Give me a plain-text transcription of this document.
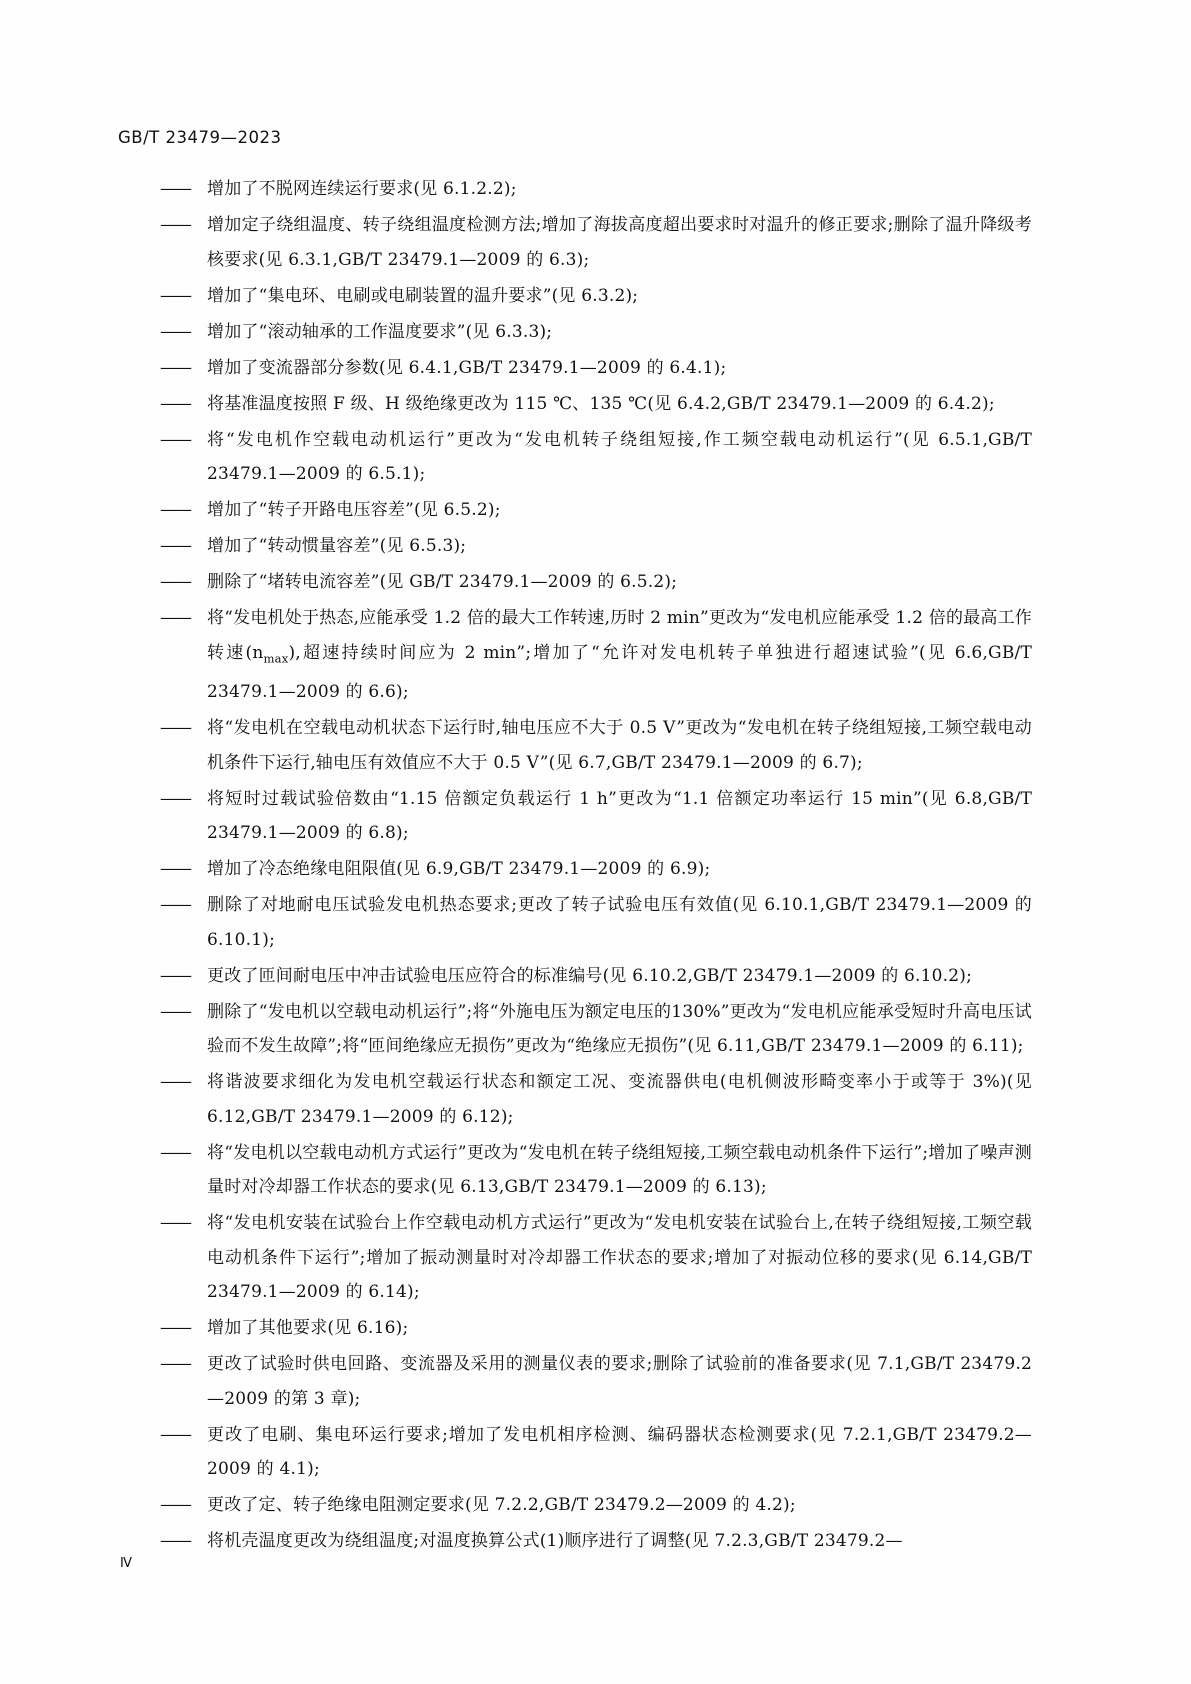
GB/T 23479—2023
——	增加了不脱网连续运行要求(见 6.1.2.2);
——	增加定子绕组温度、转子绕组温度检测方法;增加了海拔高度超出要求时对温升的修正要求;删除了温升降级考核要求(见 6.3.1,GB/T 23479.1—2009 的 6.3);
——	增加了“集电环、电刷或电刷装置的温升要求”(见 6.3.2);
——	增加了“滚动轴承的工作温度要求”(见 6.3.3);
——	增加了变流器部分参数(见 6.4.1,GB/T 23479.1—2009 的 6.4.1);
——	将基准温度按照 F 级、H 级绝缘更改为 115 ℃、135 ℃(见 6.4.2,GB/T 23479.1—2009 的 6.4.2);
——	将“发电机作空载电动机运行”更改为“发电机转子绕组短接,作工频空载电动机运行”(见 6.5.1,GB/T 23479.1—2009 的 6.5.1);
——	增加了“转子开路电压容差”(见 6.5.2);
——	增加了“转动惯量容差”(见 6.5.3);
——	删除了“堵转电流容差”(见 GB/T 23479.1—2009 的 6.5.2);
——	将“发电机处于热态,应能承受 1.2 倍的最大工作转速,历时 2 min”更改为“发电机应能承受 1.2 倍的最高工作转速$(n_{max})$,超速持续时间应为 2 min”;增加了“允许对发电机转子单独进行超速试验”(见 6.6,GB/T 23479.1—2009 的 6.6);
——	将“发电机在空载电动机状态下运行时,轴电压应不大于 0.5 V”更改为“发电机在转子绕组短接,工频空载电动机条件下运行,轴电压有效值应不大于 0.5 V”(见 6.7,GB/T 23479.1—2009 的 6.7);
——	将短时过载试验倍数由“1.15 倍额定负载运行 1 h”更改为“1.1 倍额定功率运行 15 min”(见 6.8,GB/T 23479.1—2009 的 6.8);
——	增加了冷态绝缘电阻限值(见 6.9,GB/T 23479.1—2009 的 6.9);
——	删除了对地耐电压试验发电机热态要求;更改了转子试验电压有效值(见 6.10.1,GB/T 23479.1—2009 的 6.10.1);
——	更改了匝间耐电压中冲击试验电压应符合的标准编号(见 6.10.2,GB/T 23479.1—2009 的 6.10.2);
——	删除了“发电机以空载电动机运行”;将“外施电压为额定电压的130%”更改为“发电机应能承受短时升高电压试验而不发生故障”;将“匝间绝缘应无损伤”更改为“绝缘应无损伤”(见 6.11,GB/T 23479.1—2009 的 6.11);
——	将谐波要求细化为发电机空载运行状态和额定工况、变流器供电(电机侧波形畸变率小于或等于 3%)(见 6.12,GB/T 23479.1—2009 的 6.12);
——	将“发电机以空载电动机方式运行”更改为“发电机在转子绕组短接,工频空载电动机条件下运行”;增加了噪声测量时对冷却器工作状态的要求(见 6.13,GB/T 23479.1—2009 的 6.13);
——	将“发电机安装在试验台上作空载电动机方式运行”更改为“发电机安装在试验台上,在转子绕组短接,工频空载电动机条件下运行”;增加了振动测量时对冷却器工作状态的要求;增加了对振动位移的要求(见 6.14,GB/T 23479.1—2009 的 6.14);
——	增加了其他要求(见 6.16);
——	更改了试验时供电回路、变流器及采用的测量仪表的要求;删除了试验前的准备要求(见 7.1,GB/T 23479.2—2009 的第 3 章);
——	更改了电刷、集电环运行要求;增加了发电机相序检测、编码器状态检测要求(见 7.2.1,GB/T 23479.2—2009 的 4.1);
——	更改了定、转子绝缘电阻测定要求(见 7.2.2,GB/T 23479.2—2009 的 4.2);
——	将机壳温度更改为绕组温度;对温度换算公式(1)顺序进行了调整(见 7.2.3,GB/T 23479.2—
Ⅳ
